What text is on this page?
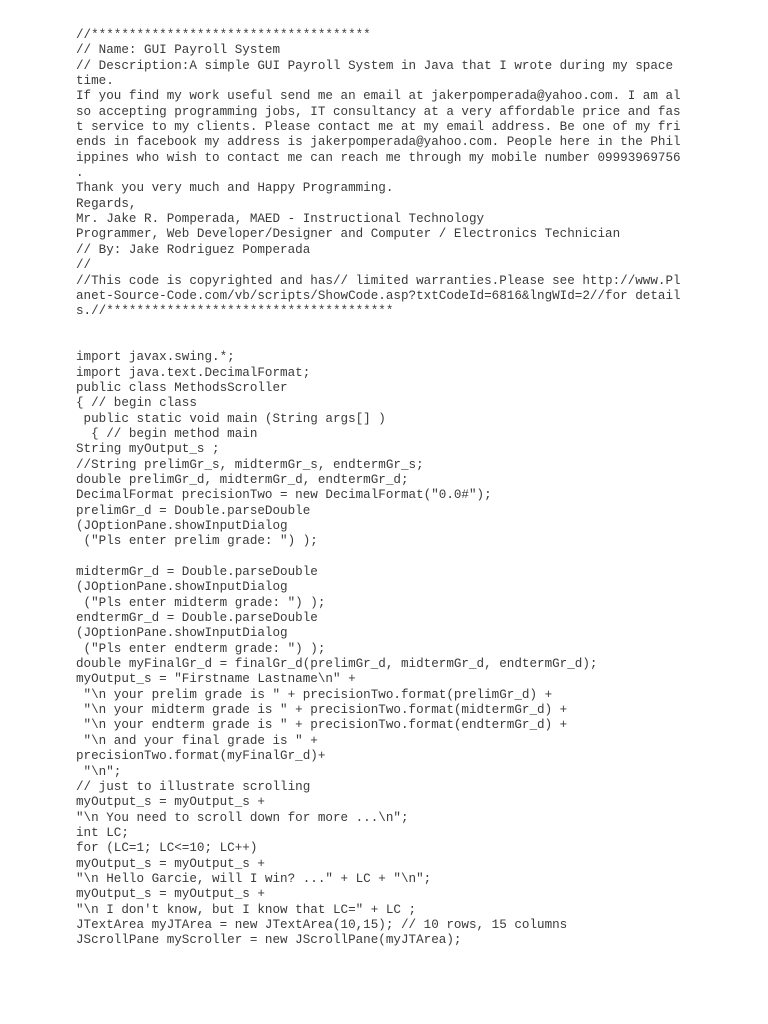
//*************************************
// Name: GUI Payroll System
// Description:A simple GUI Payroll System in Java that I wrote during my space
time.
If you find my work useful send me an email at jakerpomperada@yahoo.com. I am al
so accepting programming jobs, IT consultancy at a very affordable price and fas
t service to my clients. Please contact me at my email address. Be one of my fri
ends in facebook my address is jakerpomperada@yahoo.com. People here in the Phil
ippines who wish to contact me can reach me through my mobile number 09993969756
.
Thank you very much and Happy Programming.
Regards,
Mr. Jake R. Pomperada, MAED - Instructional Technology
Programmer, Web Developer/Designer and Computer / Electronics Technician
// By: Jake Rodriguez Pomperada
//
//This code is copyrighted and has// limited warranties.Please see http://www.Pl
anet-Source-Code.com/vb/scripts/ShowCode.asp?txtCodeId=6816&lngWId=2//for detail
s.//**************************************
import javax.swing.*;
import java.text.DecimalFormat;
public class MethodsScroller
{ // begin class
public static void main (String args[] )
{ // begin method main
String myOutput_s ;
//String prelimGr_s, midtermGr_s, endtermGr_s;
double prelimGr_d, midtermGr_d, endtermGr_d;
DecimalFormat precisionTwo = new DecimalFormat("0.0#");
prelimGr_d = Double.parseDouble
(JOptionPane.showInputDialog
("Pls enter prelim grade: ") );
midtermGr_d = Double.parseDouble
(JOptionPane.showInputDialog
("Pls enter midterm grade: ") );
endtermGr_d = Double.parseDouble
(JOptionPane.showInputDialog
("Pls enter endterm grade: ") );
double myFinalGr_d = finalGr_d(prelimGr_d, midtermGr_d, endtermGr_d);
myOutput_s = "Firstname Lastname\n" +
"\n your prelim grade is " + precisionTwo.format(prelimGr_d) +
"\n your midterm grade is " + precisionTwo.format(midtermGr_d) +
"\n your endterm grade is " + precisionTwo.format(endtermGr_d) +
"\n and your final grade is " +
precisionTwo.format(myFinalGr_d)+
"\n";
// just to illustrate scrolling
myOutput_s = myOutput_s +
"\n You need to scroll down for more ...\n";
int LC;
for (LC=1; LC<=10; LC++)
myOutput_s = myOutput_s +
"\n Hello Garcie, will I win? ..." + LC + "\n";
myOutput_s = myOutput_s +
"\n I don't know, but I know that LC=" + LC ;
JTextArea myJTArea = new JTextArea(10,15); // 10 rows, 15 columns
JScrollPane myScroller = new JScrollPane(myJTArea);
